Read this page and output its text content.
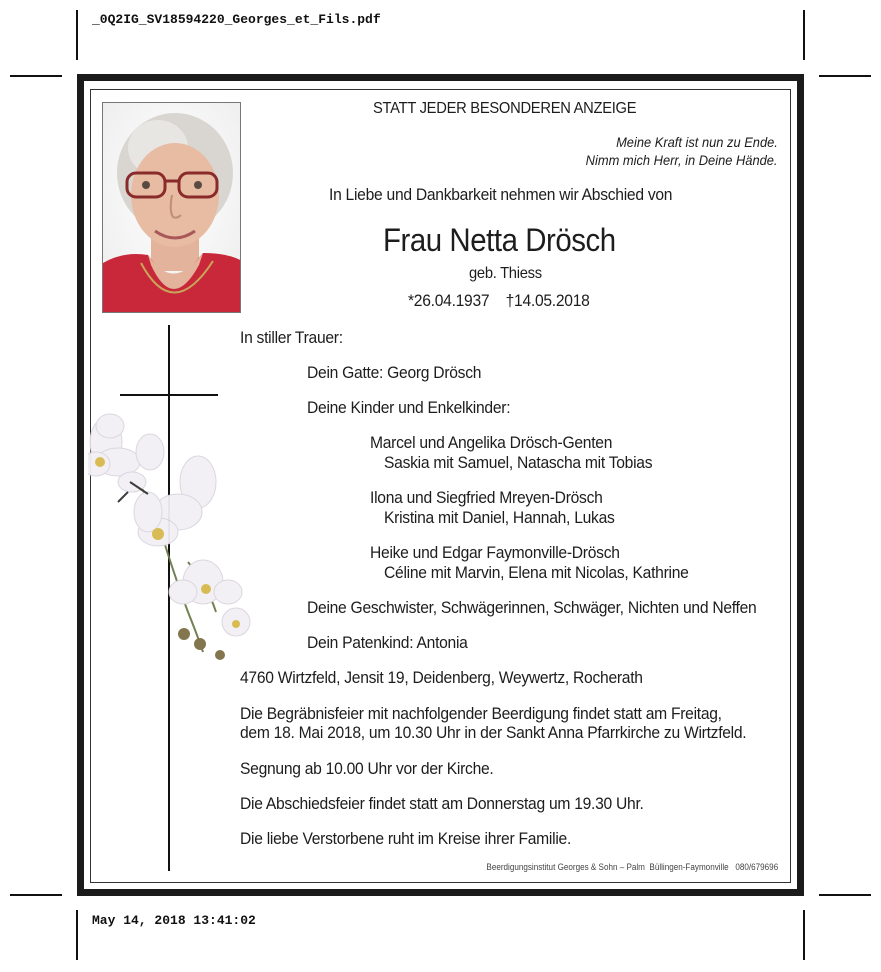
_0Q2IG_SV18594220_Georges_et_Fils.pdf
May 14, 2018 13:41:02
STATT JEDER BESONDEREN ANZEIGE
Meine Kraft ist nun zu Ende.
Nimm mich Herr, in Deine Hände.
In Liebe und Dankbarkeit nehmen wir Abschied von
Frau Netta Drösch
geb. Thiess
*26.04.1937    †14.05.2018
In stiller Trauer:
Dein Gatte: Georg Drösch
Deine Kinder und Enkelkinder:
Marcel und Angelika Drösch-Genten
Saskia mit Samuel, Natascha mit Tobias
Ilona und Siegfried Mreyen-Drösch
Kristina mit Daniel, Hannah, Lukas
Heike und Edgar Faymonville-Drösch
Céline mit Marvin, Elena mit Nicolas, Kathrine
Deine Geschwister, Schwägerinnen, Schwäger, Nichten und Neffen
Dein Patenkind: Antonia
4760 Wirtzfeld, Jensit 19, Deidenberg, Weywertz, Rocherath
Die Begräbnisfeier mit nachfolgender Beerdigung findet statt am Freitag,
dem 18. Mai 2018, um 10.30 Uhr in der Sankt Anna Pfarrkirche zu Wirtzfeld.
Segnung ab 10.00 Uhr vor der Kirche.
Die Abschiedsfeier findet statt am Donnerstag um 19.30 Uhr.
Die liebe Verstorbene ruht im Kreise ihrer Familie.
Beerdigungsinstitut Georges & Sohn – Palm  Büllingen-Faymonville   080/679696
